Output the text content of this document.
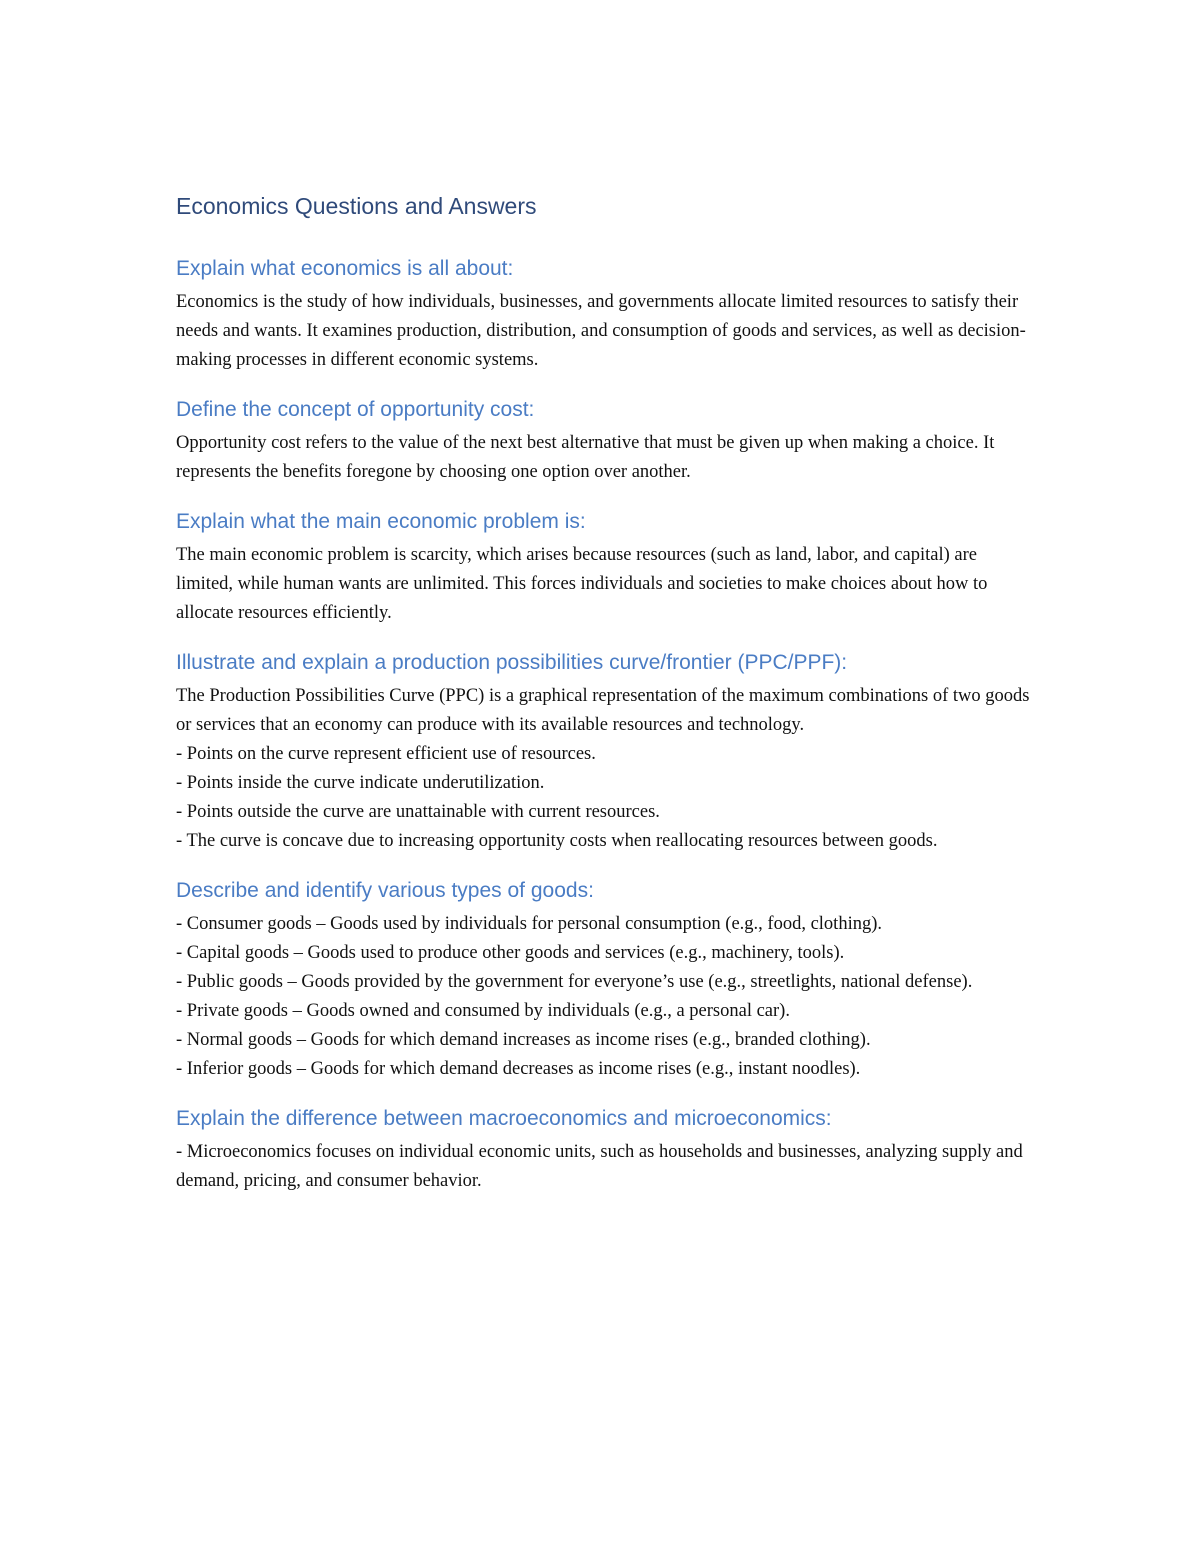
Economics Questions and Answers
Explain what economics is all about:

Economics is the study of how individuals, businesses, and governments allocate limited resources to satisfy their needs and wants. It examines production, distribution, and consumption of goods and services, as well as decision-making processes in different economic systems.

Define the concept of opportunity cost:

Opportunity cost refers to the value of the next best alternative that must be given up when making a choice. It represents the benefits foregone by choosing one option over another.

Explain what the main economic problem is:

The main economic problem is scarcity, which arises because resources (such as land, labor, and capital) are limited, while human wants are unlimited. This forces individuals and societies to make choices about how to allocate resources efficiently.

Illustrate and explain a production possibilities curve/frontier (PPC/PPF):

The Production Possibilities Curve (PPC) is a graphical representation of the maximum combinations of two goods or services that an economy can produce with its available resources and technology.

- Points on the curve represent efficient use of resources.

- Points inside the curve indicate underutilization.

- Points outside the curve are unattainable with current resources.

- The curve is concave due to increasing opportunity costs when reallocating resources between goods.

Describe and identify various types of goods:

- Consumer goods – Goods used by individuals for personal consumption (e.g., food, clothing).

- Capital goods – Goods used to produce other goods and services (e.g., machinery, tools).

- Public goods – Goods provided by the government for everyone’s use (e.g., streetlights, national defense).

- Private goods – Goods owned and consumed by individuals (e.g., a personal car).

- Normal goods – Goods for which demand increases as income rises (e.g., branded clothing).

- Inferior goods – Goods for which demand decreases as income rises (e.g., instant noodles).

Explain the difference between macroeconomics and microeconomics:

- Microeconomics focuses on individual economic units, such as households and businesses, analyzing supply and demand, pricing, and consumer behavior.
